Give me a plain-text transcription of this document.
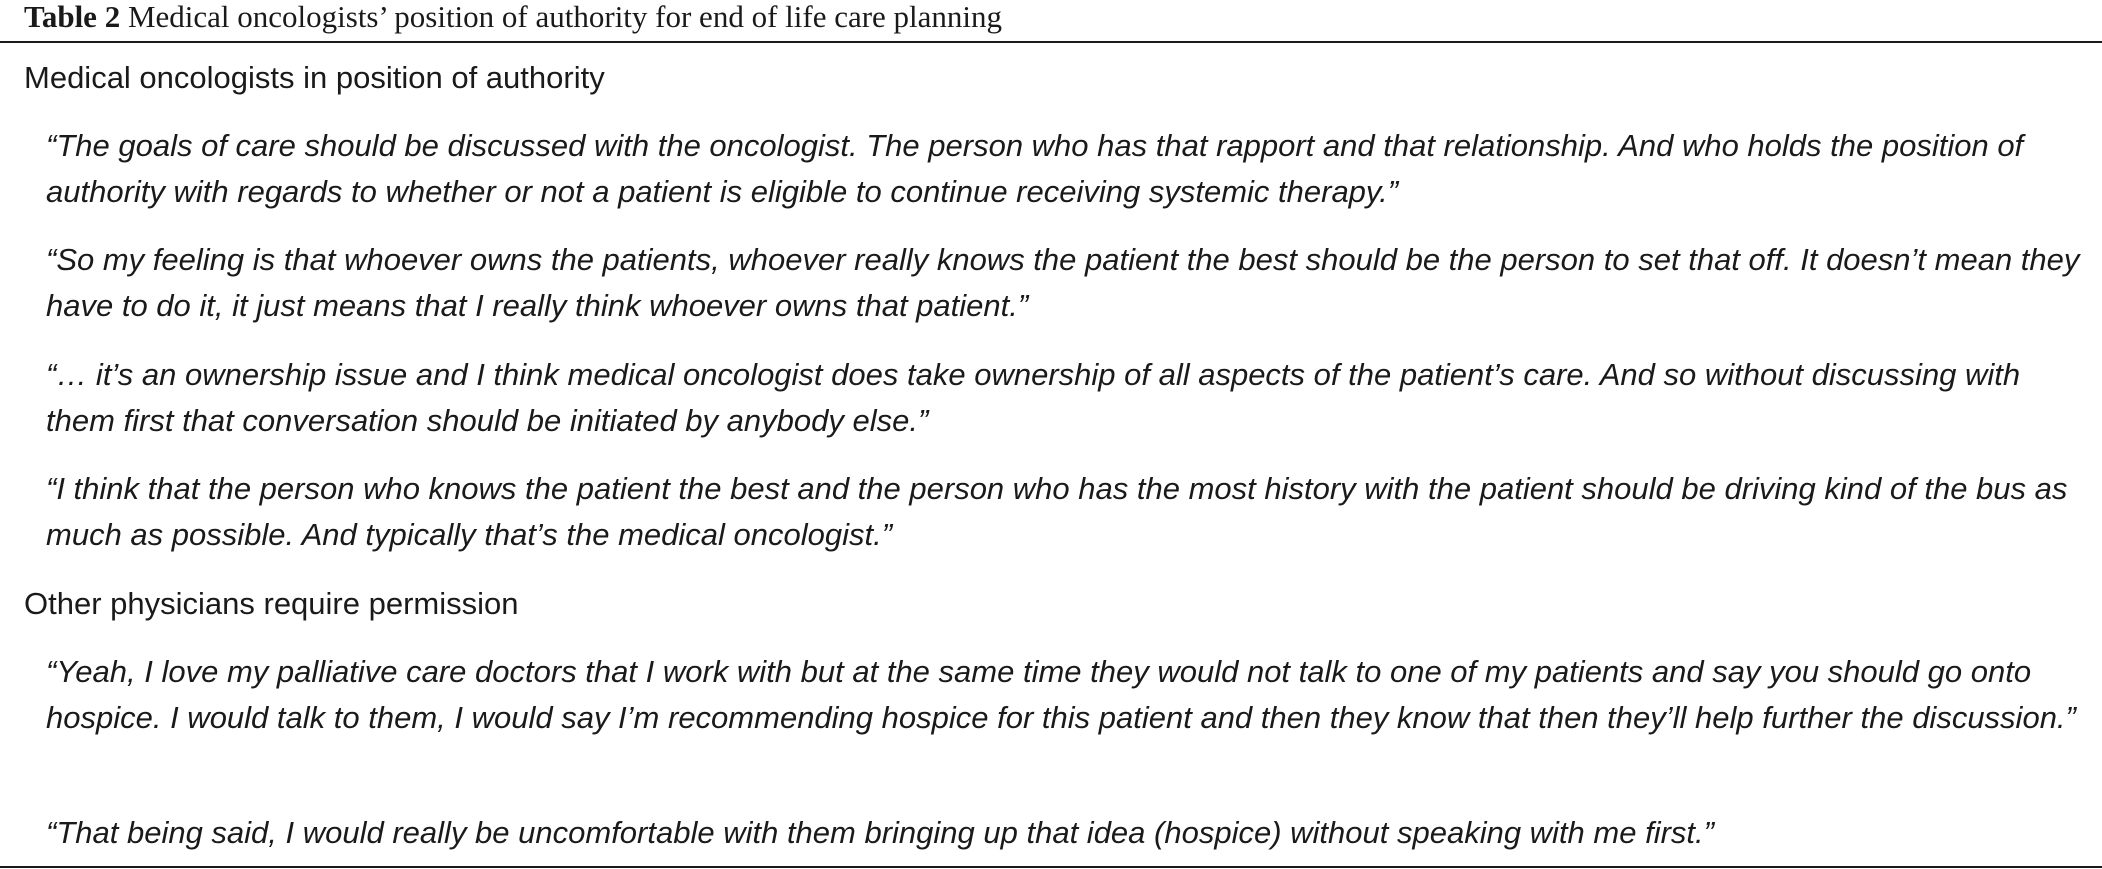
Table 2 Medical oncologists’ position of authority for end of life care planning
Medical oncologists in position of authority

“The goals of care should be discussed with the oncologist. The person who has that rapport and that relationship. And who holds the position of authority with regards to whether or not a patient is eligible to continue receiving systemic therapy.”

“So my feeling is that whoever owns the patients, whoever really knows the patient the best should be the person to set that off. It doesn’t mean they have to do it, it just means that I really think whoever owns that patient.”

“… it’s an ownership issue and I think medical oncologist does take ownership of all aspects of the patient’s care. And so without discussing with them first that conversation should be initiated by anybody else.”

“I think that the person who knows the patient the best and the person who has the most history with the patient should be driving kind of the bus as much as possible. And typically that’s the medical oncologist.”

Other physicians require permission

“Yeah, I love my palliative care doctors that I work with but at the same time they would not talk to one of my patients and say you should go onto hospice. I would talk to them, I would say I’m recommending hospice for this patient and then they know that then they’ll help further the discussion.”

“That being said, I would really be uncomfortable with them bringing up that idea (hospice) without speaking with me first.”
